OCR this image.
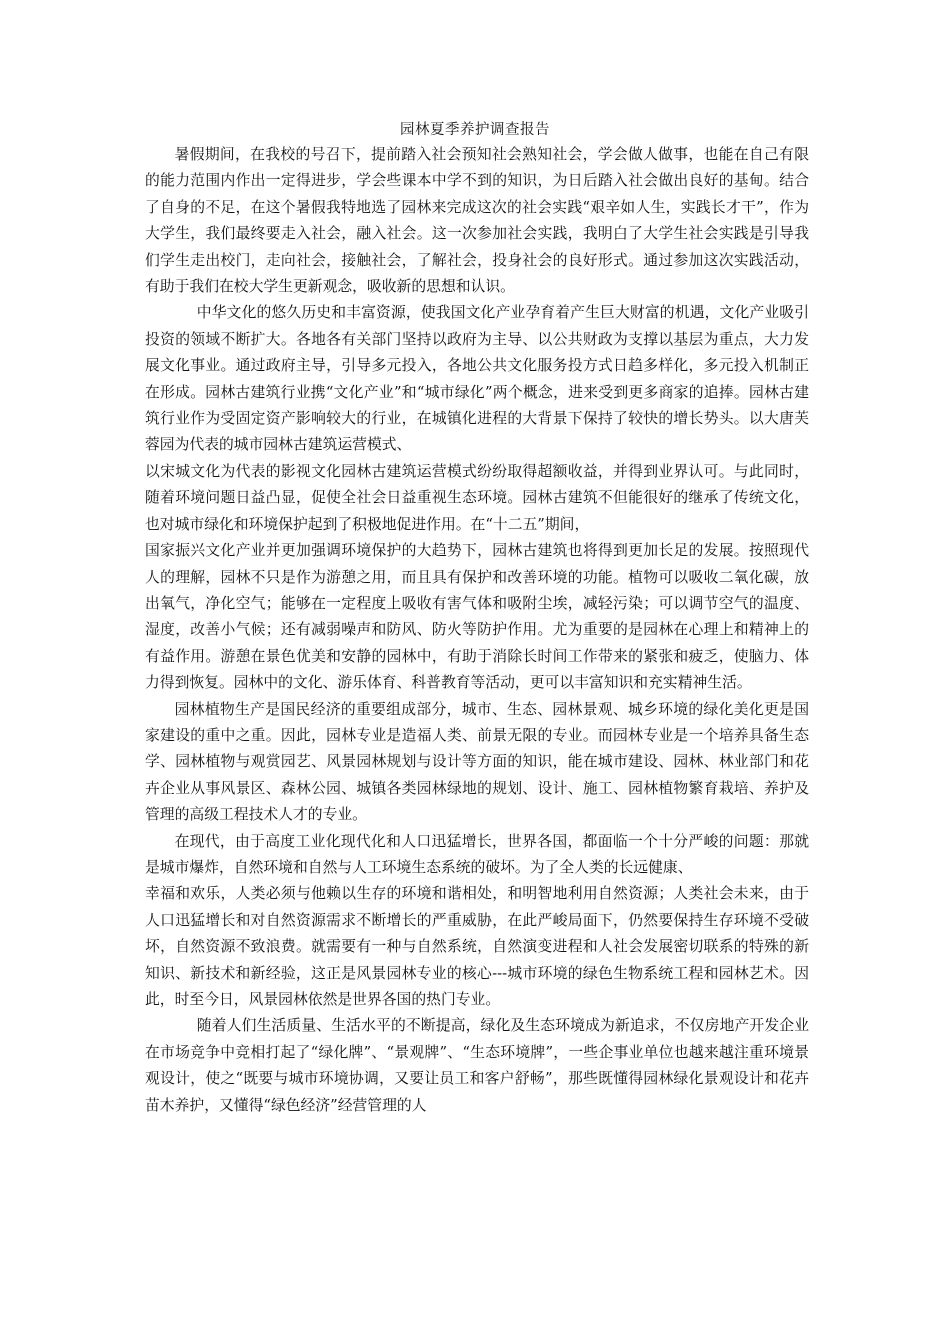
园林夏季养护调查报告

暑假期间，在我校的号召下，提前踏入社会预知社会熟知社会，学会做人做事，也能在自己有限的能力范围内作出一定得进步，学会些课本中学不到的知识，为日后踏入社会做出良好的基甸。结合了自身的不足，在这个暑假我特地选了园林来完成这次的社会实践“艰辛如人生，实践长才干”，作为大学生，我们最终要走入社会，融入社会。这一次参加社会实践，我明白了大学生社会实践是引导我们学生走出校门，走向社会，接触社会，了解社会，投身社会的良好形式。通过参加这次实践活动，有助于我们在校大学生更新观念，吸收新的思想和认识。

中华文化的悠久历史和丰富资源，使我国文化产业孕育着产生巨大财富的机遇，文化产业吸引投资的领域不断扩大。各地各有关部门坚持以政府为主导、以公共财政为支撑以基层为重点，大力发展文化事业。通过政府主导，引导多元投入，各地公共文化服务投方式日趋多样化，多元投入机制正在形成。园林古建筑行业携“文化产业”和“城市绿化”两个概念，进来受到更多商家的追捧。园林古建筑行业作为受固定资产影响较大的行业，在城镇化进程的大背景下保持了较快的增长势头。以大唐芙蓉园为代表的城市园林古建筑运营模式、

以宋城文化为代表的影视文化园林古建筑运营模式纷纷取得超额收益，并得到业界认可。与此同时，随着环境问题日益凸显，促使全社会日益重视生态环境。园林古建筑不但能很好的继承了传统文化，也对城市绿化和环境保护起到了积极地促进作用。在“十二五”期间，

国家振兴文化产业并更加强调环境保护的大趋势下，园林古建筑也将得到更加长足的发展。按照现代人的理解，园林不只是作为游憩之用，而且具有保护和改善环境的功能。植物可以吸收二氧化碳，放出氧气，净化空气；能够在一定程度上吸收有害气体和吸附尘埃，减轻污染；可以调节空气的温度、湿度，改善小气候；还有减弱噪声和防风、防火等防护作用。尤为重要的是园林在心理上和精神上的有益作用。游憩在景色优美和安静的园林中，有助于消除长时间工作带来的紧张和疲乏，使脑力、体力得到恢复。园林中的文化、游乐体育、科普教育等活动，更可以丰富知识和充实精神生活。

园林植物生产是国民经济的重要组成部分，城市、生态、园林景观、城乡环境的绿化美化更是国家建设的重中之重。因此，园林专业是造福人类、前景无限的专业。而园林专业是一个培养具备生态学、园林植物与观赏园艺、风景园林规划与设计等方面的知识，能在城市建设、园林、林业部门和花卉企业从事风景区、森林公园、城镇各类园林绿地的规划、设计、施工、园林植物繁育栽培、养护及管理的高级工程技术人才的专业。

在现代，由于高度工业化现代化和人口迅猛增长，世界各国，都面临一个十分严峻的问题：那就是城市爆炸，自然环境和自然与人工环境生态系统的破坏。为了全人类的长远健康、

幸福和欢乐，人类必须与他赖以生存的环境和谐相处，和明智地利用自然资源；人类社会未来，由于人口迅猛增长和对自然资源需求不断增长的严重威胁，在此严峻局面下，仍然要保持生存环境不受破坏，自然资源不致浪费。就需要有一种与自然系统，自然演变进程和人社会发展密切联系的特殊的新知识、新技术和新经验，这正是风景园林专业的核心---城市环境的绿色生物系统工程和园林艺术。因此，时至今日，风景园林依然是世界各国的热门专业。

随着人们生活质量、生活水平的不断提高，绿化及生态环境成为新追求，不仅房地产开发企业在市场竞争中竞相打起了“绿化牌”、“景观牌”、“生态环境牌”，一些企事业单位也越来越注重环境景观设计，使之“既要与城市环境协调，又要让员工和客户舒畅”，那些既懂得园林绿化景观设计和花卉苗木养护，又懂得“绿色经济”经营管理的人
